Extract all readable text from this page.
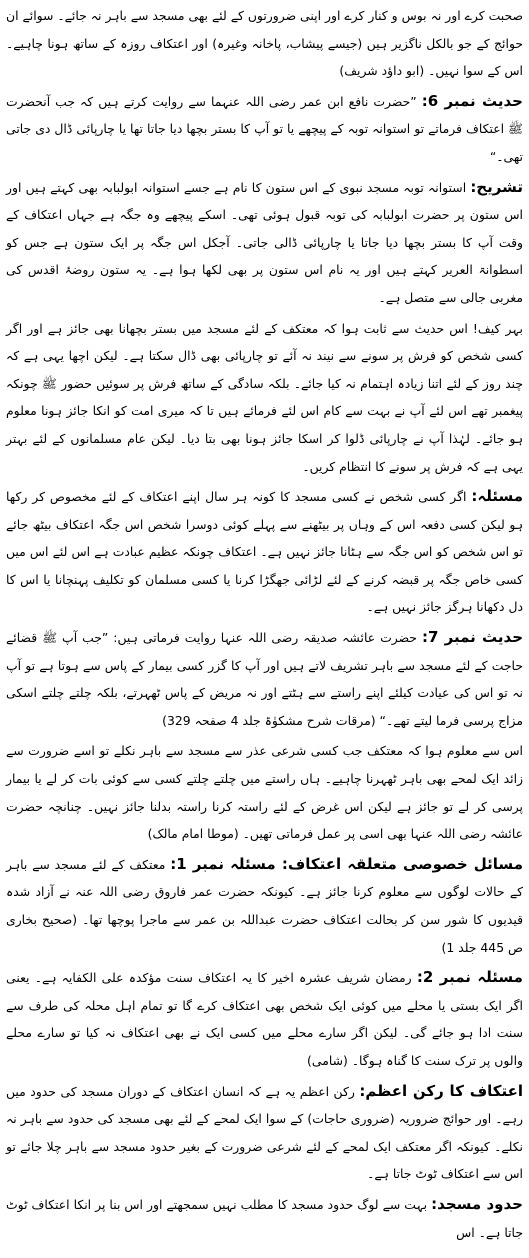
صحبت کرے اور نہ بوس و کنار کرے اور اپنی ضرورتوں کے لئے بھی مسجد سے باہر نہ جائے۔ سوائے ان حوائج کے جو بالکل ناگزیر ہیں (جیسے پیشاب، پاخانہ وغیرہ) اور اعتکاف روزہ کے ساتھ ہونا چاہیے۔ اس کے سوا نہیں۔ (ابو داؤد شریف)

حدیث نمبر 6: ”حضرت نافع ابن عمر رضی اللہ عنہما سے روایت کرتے ہیں کہ جب آنحضرت ﷺ اعتکاف فرماتے تو استوانہ توبہ کے پیچھے یا تو آپ کا بستر بچھا دیا جاتا تھا یا چارپائی ڈال دی جاتی تھی۔“

تشریح: استوانہ توبہ مسجد نبوی کے اس ستون کا نام ہے جسے استوانہ ابولبابہ بھی کہتے ہیں اور اس ستون پر حضرت ابولبابہ کی توبہ قبول ہوئی تھی۔ اسکے پیچھے وہ جگہ ہے جہاں اعتکاف کے وقت آپ کا بستر بچھا دیا جاتا یا چارپائی ڈالی جاتی۔ آجکل اس جگہ پر ایک ستون ہے جس کو اسطوانۃ العریر کہتے ہیں اور یہ نام اس ستون پر بھی لکھا ہوا ہے۔ یہ ستون روضۂ اقدس کی مغربی جالی سے متصل ہے۔

بہر کیف! اس حدیث سے ثابت ہوا کہ معتکف کے لئے مسجد میں بستر بچھانا بھی جائز ہے اور اگر کسی شخص کو فرش پر سونے سے نیند نہ آئے تو چارپائی بھی ڈال سکتا ہے۔ لیکن اچھا یہی ہے کہ چند روز کے لئے اتنا زیادہ اہتمام نہ کیا جائے۔ بلکہ سادگی کے ساتھ فرش پر سوئیں حضور ﷺ چونکہ پیغمبر تھے اس لئے آپ نے بہت سے کام اس لئے فرمائے ہیں تا کہ میری امت کو انکا جائز ہونا معلوم ہو جائے۔ لہٰذا آپ نے چارپائی ڈلوا کر اسکا جائز ہونا بھی بتا دیا۔ لیکن عام مسلمانوں کے لئے بہتر یہی ہے کہ فرش پر سونے کا انتظام کریں۔

مسئلہ: اگر کسی شخص نے کسی مسجد کا کونہ ہر سال اپنے اعتکاف کے لئے مخصوص کر رکھا ہو لیکن کسی دفعہ اس کے وہاں پر بیٹھنے سے پہلے کوئی دوسرا شخص اس جگہ اعتکاف بیٹھ جائے تو اس شخص کو اس جگہ سے ہٹانا جائز نہیں ہے۔ اعتکاف چونکہ عظیم عبادت ہے اس لئے اس میں کسی خاص جگہ پر قبضہ کرنے کے لئے لڑائی جھگڑا کرنا یا کسی مسلمان کو تکلیف پہنچانا یا اس کا دل دکھانا ہرگز جائز نہیں ہے۔

حدیث نمبر 7: حضرت عائشہ صدیقہ رضی اللہ عنہا روایت فرماتی ہیں: ”جب آپ ﷺ قضائے حاجت کے لئے مسجد سے باہر تشریف لاتے ہیں اور آپ کا گزر کسی بیمار کے پاس سے ہوتا ہے تو آپ نہ تو اس کی عیادت کیلئے اپنے راستے سے ہٹتے اور نہ مریض کے پاس ٹھہرتے، بلکہ چلتے چلتے اسکی مزاج پرسی فرما لیتے تھے۔“ (مرقات شرح مشکوٰۃ جلد 4 صفحہ 329)

اس سے معلوم ہوا کہ معتکف جب کسی شرعی عذر سے مسجد سے باہر نکلے تو اسے ضرورت سے زائد ایک لمحے بھی باہر ٹھہرنا چاہیے۔ ہاں راستے میں چلتے چلتے کسی سے کوئی بات کر لے یا بیمار پرسی کر لے تو جائز ہے لیکن اس غرض کے لئے راستہ کرنا راستہ بدلنا جائز نہیں۔ چنانچہ حضرت عائشہ رضی اللہ عنہا بھی اسی پر عمل فرماتی تھیں۔ (موطا امام مالک)

مسائل خصوصی متعلقہ اعتکاف: مسئلہ نمبر 1: معتکف کے لئے مسجد سے باہر کے حالات لوگوں سے معلوم کرنا جائز ہے۔ کیونکہ حضرت عمر فاروق رضی اللہ عنہ نے آزاد شدہ قیدیوں کا شور سن کر بحالت اعتکاف حضرت عبداللہ بن عمر سے ماجرا پوچھا تھا۔ (صحیح بخاری ص 445 جلد 1)

مسئلہ نمبر 2: رمضان شریف عشرہ اخیر کا یہ اعتکاف سنت مؤکدہ علی الکفایہ ہے۔ یعنی اگر ایک بستی یا محلے میں کوئی ایک شخص بھی اعتکاف کرے گا تو تمام اہل محلہ کی طرف سے سنت ادا ہو جائے گی۔ لیکن اگر سارے محلے میں کسی ایک نے بھی اعتکاف نہ کیا تو سارے محلے والوں پر ترک سنت کا گناہ ہوگا۔ (شامی)

اعتکاف کا رکن اعظم: رکن اعظم یہ ہے کہ انسان اعتکاف کے دوران مسجد کی حدود میں رہے۔ اور حوائج ضروریہ (ضروری حاجات) کے سوا ایک لمحے کے لئے بھی مسجد کی حدود سے باہر نہ نکلے۔ کیونکہ اگر معتکف ایک لمحے کے لئے شرعی ضرورت کے بغیر حدود مسجد سے باہر چلا جائے تو اس سے اعتکاف ٹوٹ جاتا ہے۔

حدود مسجد: بہت سے لوگ حدود مسجد کا مطلب نہیں سمجھتے اور اس بنا پر انکا اعتکاف ٹوٹ جاتا ہے۔ اس
